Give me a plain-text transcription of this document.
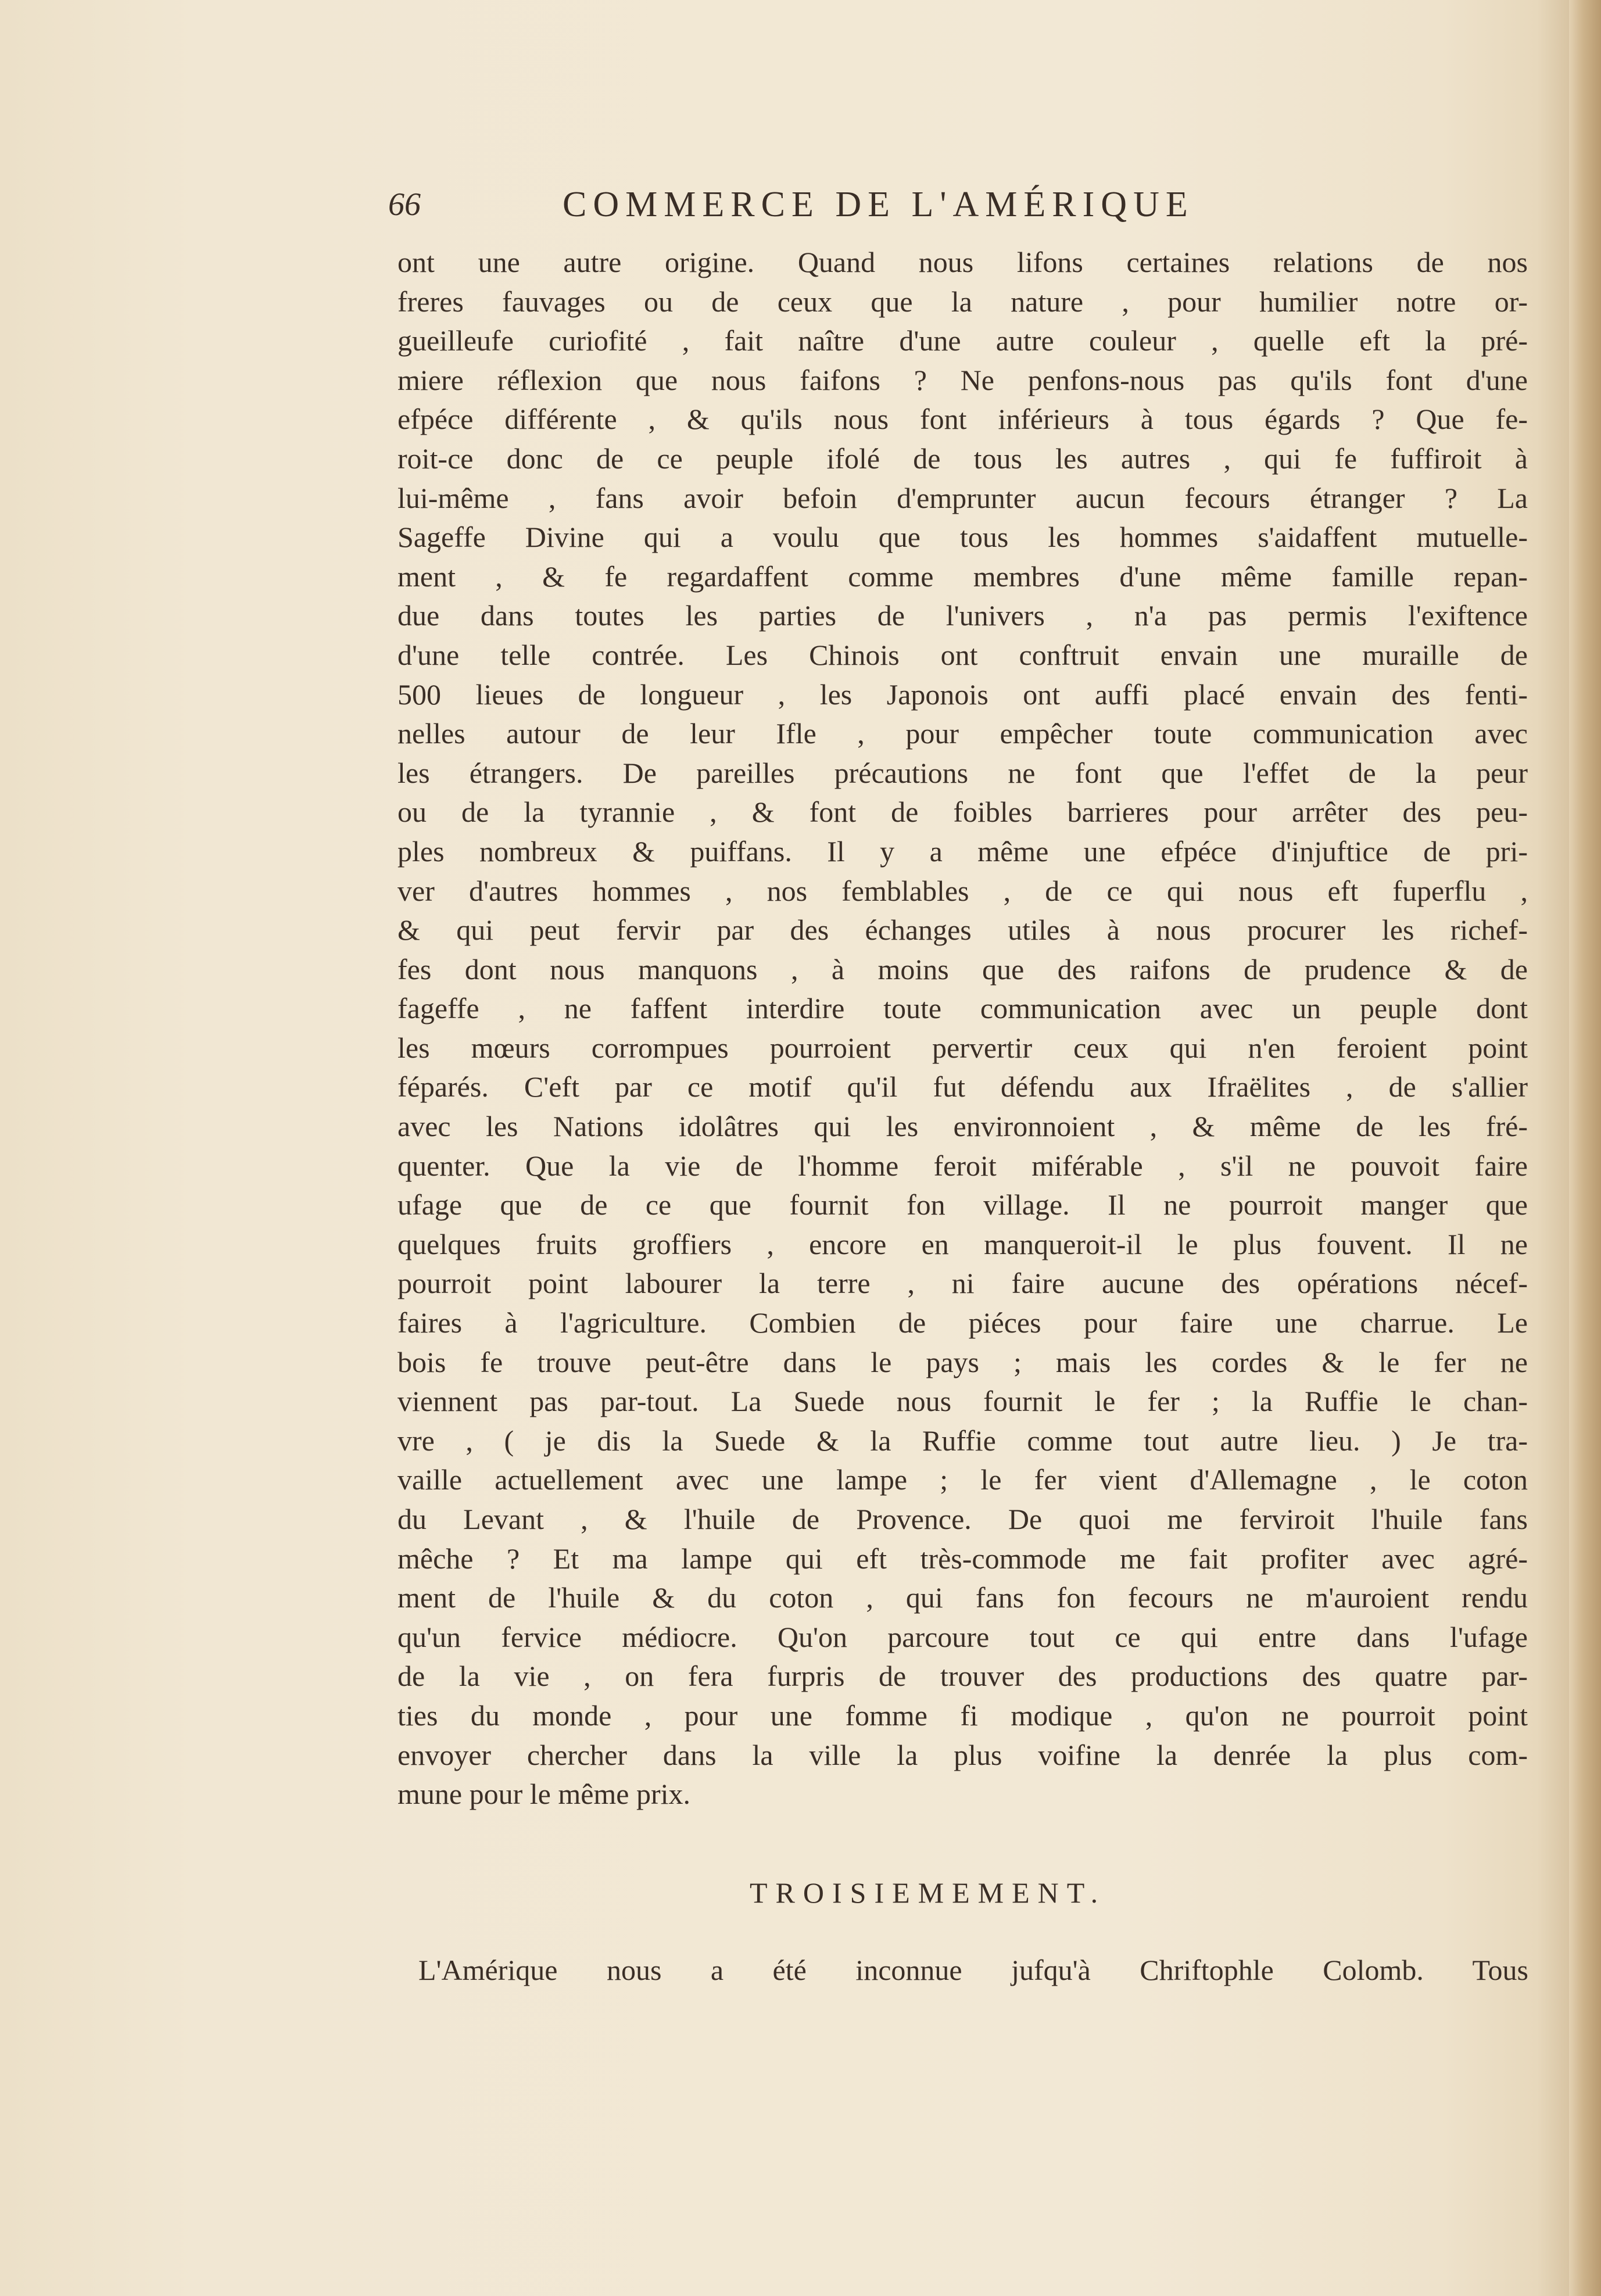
66	COMMERCE DE L'AMÉRIQUE
ont une autre origine. Quand nous lifons certaines relations de nos
freres fauvages ou de ceux que la nature , pour humilier notre or-
gueilleufe curiofité , fait naître d'une autre couleur , quelle eft la pré-
miere réflexion que nous faifons ? Ne penfons-nous pas qu'ils font d'une
efpéce différente , & qu'ils nous font inférieurs à tous égards ? Que fe-
roit-ce donc de ce peuple ifolé de tous les autres , qui fe fuffiroit à
lui-même , fans avoir befoin d'emprunter aucun fecours étranger ? La
Sageffe Divine qui a voulu que tous les hommes s'aidaffent mutuelle-
ment , & fe regardaffent comme membres d'une même famille repan-
due dans toutes les parties de l'univers , n'a pas permis l'exiftence
d'une telle contrée. Les Chinois ont conftruit envain une muraille de
500 lieues de longueur , les Japonois ont auffi placé envain des fenti-
nelles autour de leur Ifle , pour empêcher toute communication avec
les étrangers. De pareilles précautions ne font que l'effet de la peur
ou de la tyrannie , & font de foibles barrieres pour arrêter des peu-
ples nombreux & puiffans. Il y a même une efpéce d'injuftice de pri-
ver d'autres hommes , nos femblables , de ce qui nous eft fuperflu ,
& qui peut fervir par des échanges utiles à nous procurer les richef-
fes dont nous manquons , à moins que des raifons de prudence & de
fageffe , ne faffent interdire toute communication avec un peuple dont
les mœurs corrompues pourroient pervertir ceux qui n'en feroient point
féparés. C'eft par ce motif qu'il fut défendu aux Ifraëlites , de s'allier
avec les Nations idolâtres qui les environnoient , & même de les fré-
quenter. Que la vie de l'homme feroit miférable , s'il ne pouvoit faire
ufage que de ce que fournit fon village. Il ne pourroit manger que
quelques fruits groffiers , encore en manqueroit-il le plus fouvent. Il ne
pourroit point labourer la terre , ni faire aucune des opérations nécef-
faires à l'agriculture. Combien de piéces pour faire une charrue. Le
bois fe trouve peut-être dans le pays ; mais les cordes & le fer ne
viennent pas par-tout. La Suede nous fournit le fer ; la Ruffie le chan-
vre , ( je dis la Suede & la Ruffie comme tout autre lieu. ) Je tra-
vaille actuellement avec une lampe ; le fer vient d'Allemagne , le coton
du Levant , & l'huile de Provence. De quoi me ferviroit l'huile fans
mêche ? Et ma lampe qui eft très-commode me fait profiter avec agré-
ment de l'huile & du coton , qui fans fon fecours ne m'auroient rendu
qu'un fervice médiocre. Qu'on parcoure tout ce qui entre dans l'ufage
de la vie , on fera furpris de trouver des productions des quatre par-
ties du monde , pour une fomme fi modique , qu'on ne pourroit point
envoyer chercher dans la ville la plus voifine la denrée la plus com-
mune pour le même prix.
TROISIEMEMENT.
L'Amérique nous a été inconnue jufqu'à Chriftophle Colomb. Tous
